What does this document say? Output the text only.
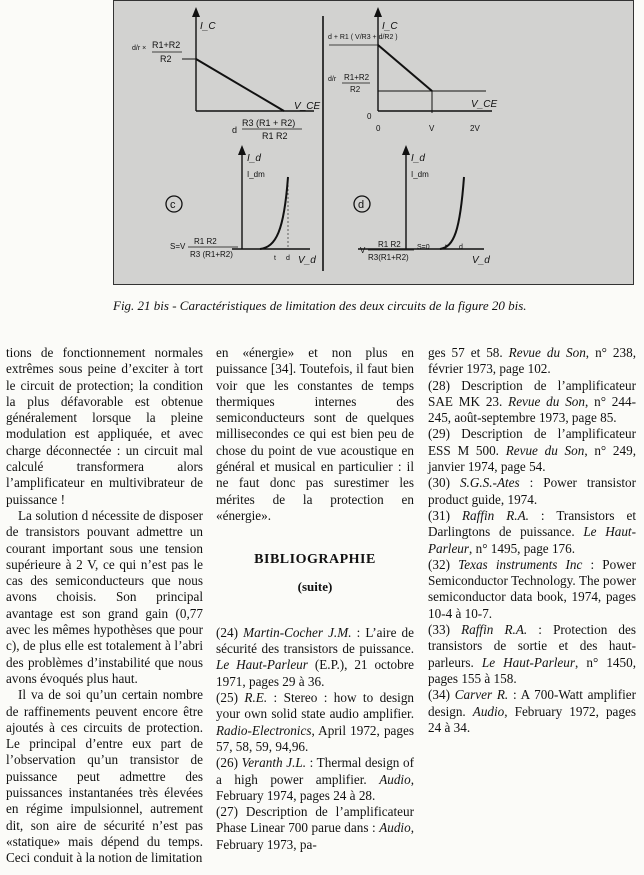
I_C
V_CE
d/r × R1+R2
R2
d
R3 (R1 + R2)
R1 R2
I_d
I_dm
V_d
t d
S=V
R1 R2
R3 (R1+R2)
c
I_C
V_CE
d + R1 ( V/R3 + d/R2 )
d/r R1+R2
R2
0
0	V	2V
I_d
I_dm
V_d
t d
S=0
V
R1 R2
R3(R1+R2)
d
Fig. 21 bis - Caractéristiques de limitation des deux circuits de la figure 20 bis.

tions de fonctionnement normales extrêmes sous peine d’exciter à tort le circuit de protection; la condition la plus défavorable est obtenue généralement lorsque la pleine modulation est appliquée, et avec charge déconnectée : un circuit mal calculé transformera alors l’amplificateur en multivibrateur de puissance !

La solution d nécessite de disposer de transistors pouvant admettre un courant important sous une tension supérieure à 2 V, ce qui n’est pas le cas des semiconducteurs que nous avons choisis. Son principal avantage est son grand gain (0,77 avec les mêmes hypothèses que pour c), de plus elle est totalement à l’abri des problèmes d’instabilité que nous avons évoqués plus haut.

Il va de soi qu’un certain nombre de raffinements peuvent encore être ajoutés à ces circuits de protection. Le principal d’entre eux part de l’observation qu’un transistor de puissance peut admettre des puissances instantanées très élevées en régime impulsionnel, autrement dit, son aire de sécurité n’est pas «statique» mais dépend du temps. Ceci conduit à la notion de limitation

en «énergie» et non plus en puissance [34]. Toutefois, il faut bien voir que les constantes de temps thermiques internes des semiconducteurs sont de quelques millisecondes ce qui est bien peu de chose du point de vue acoustique en général et musical en particulier : il ne faut donc pas surestimer les mérites de la protection en «énergie».

BIBLIOGRAPHIE
(suite)

(24) Martin-Cocher J.M. : L’aire de sécurité des transistors de puissance. Le Haut-Parleur (E.P.), 21 octobre 1971, pages 29 à 36.

(25) R.E. : Stereo : how to design your own solid state audio amplifier. Radio-Electronics, April 1972, pages 57, 58, 59, 94,96.

(26) Veranth J.L. : Thermal design of a high power amplifier. Audio, February 1974, pages 24 à 28.

(27) Description de l’amplificateur Phase Linear 700 parue dans : Audio, February 1973, pa-

ges 57 et 58. Revue du Son, n° 238, février 1973, page 102.

(28) Description de l’amplificateur SAE MK 23. Revue du Son, n° 244-245, août-septembre 1973, page 85.

(29) Description de l’amplificateur ESS M 500. Revue du Son, n° 249, janvier 1974, page 54.

(30) S.G.S.-Ates : Power transistor product guide, 1974.

(31) Raffin R.A. : Transistors et Darlingtons de puissance. Le Haut-Parleur, n° 1495, page 176.

(32) Texas instruments Inc : Power Semiconductor Technology. The power semiconductor data book, 1974, pages 10-4 à 10-7.

(33) Raffin R.A. : Protection des transistors de sortie et des haut-parleurs. Le Haut-Parleur, n° 1450, pages 155 à 158.

(34) Carver R. : A 700-Watt amplifier design. Audio, February 1972, pages 24 à 34.
